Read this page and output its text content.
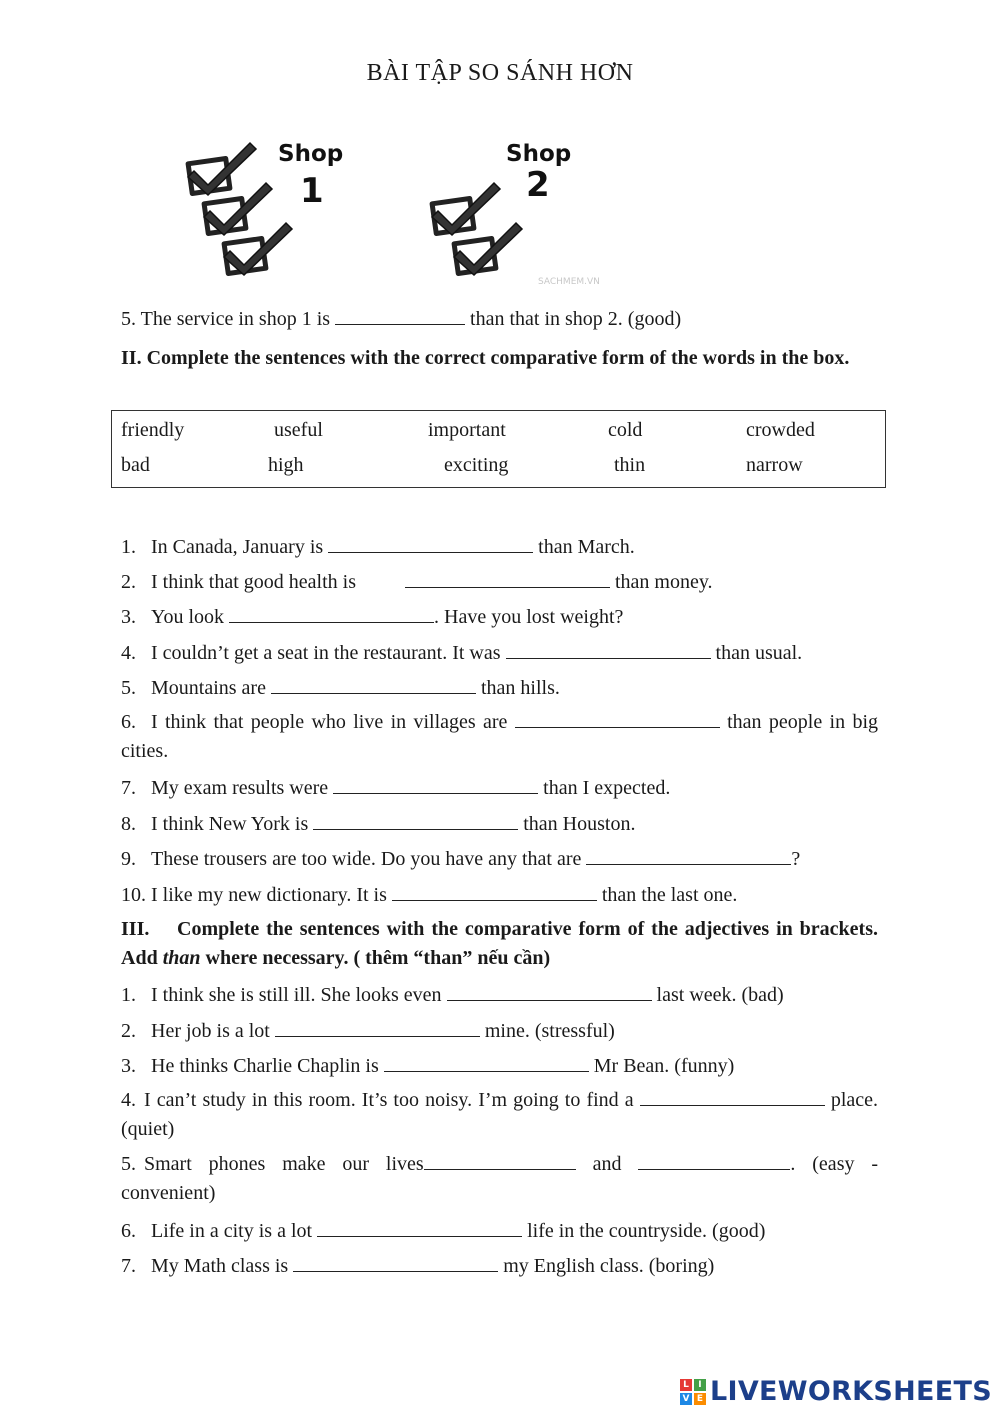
BÀI TẬP SO SÁNH HƠN
Shop
1
Shop
2
SACHMEM.VN
5. The service in shop 1 is	than that in shop 2. (good)
II. Complete the sentences with the correct comparative form of the words in the box.
friendly	useful	important	cold	crowded
bad	high	exciting	thin	narrow
1. In Canada, January is	than March.
2. I think that good health is	than money.
3. You look	. Have you lost weight?
4. I couldn’t get a seat in the restaurant. It was	than usual.
5. Mountains are	than hills.
6. I think that people who live in villages are	than people in big cities.
7. My exam results were	than I expected.
8. I think New York is	than Houston.
9. These trousers are too wide. Do you have any that are	?
10. I like my new dictionary. It is	than the last one.
III.    Complete the sentences with the comparative form of the adjectives in brackets. Add than where necessary. ( thêm “than” nếu cần)
1. I think she is still ill. She looks even	last week. (bad)
2. Her job is a lot	mine. (stressful)
3. He thinks Charlie Chaplin is	Mr Bean. (funny)
4. I can’t study in this room. It’s too noisy. I’m going to find a	place. (quiet)
5. Smart phones make our lives	and	. (easy - convenient)
6. Life in a city is a lot	life in the countryside. (good)
7. My Math class is	my English class. (boring)
L	I
V E LIVEWORKSHEETS
